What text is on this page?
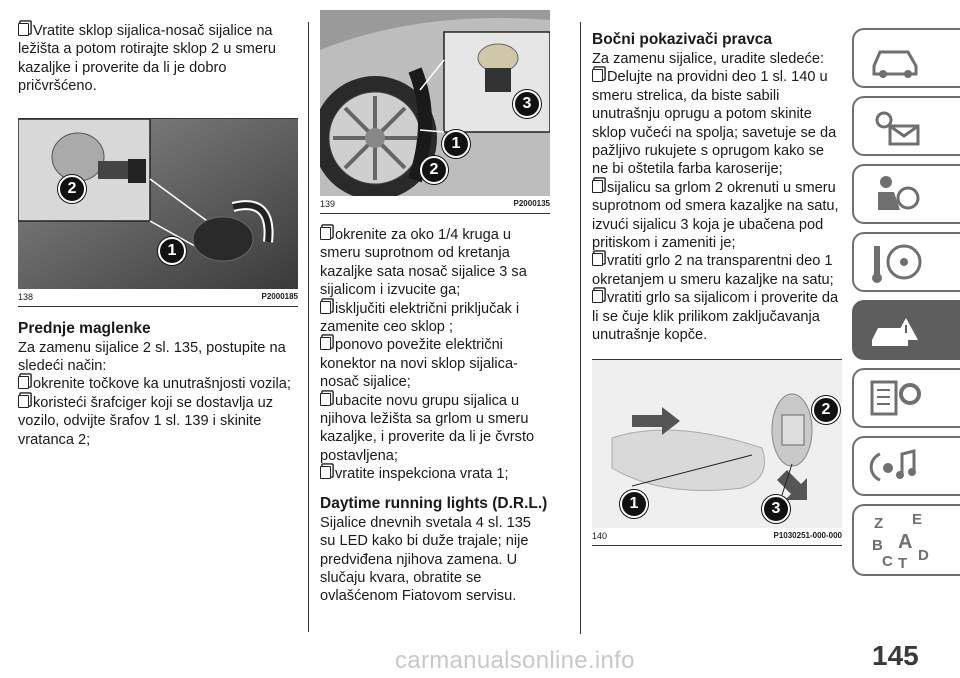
Vratite sklop sijalica-nosač sijalice na ležišta a potom rotirajte sklop 2 u smeru kazaljke i proverite da li je dobro pričvršćeno.

2
1
138	P2000185
Prednje maglenke

Za zamenu sijalice 2 sl. 135, postupite na sledeći način:

okrenite točkove ka unutrašnjosti vozila;

koristeći šrafciger koji se dostavlja uz vozilo, odvijte šrafov 1 sl. 139 i skinite vratanca 2;

3
1
2
139	P2000135

okrenite za oko 1/4 kruga u smeru suprotnom od kretanja kazaljke sata nosač sijalice 3 sa sijalicom i izvucite ga;

isključiti električni priključak i zamenite ceo sklop ;

ponovo povežite električni konektor na novi sklop sijalica-nosač sijalice;

ubacite novu grupu sijalica u njihova ležišta sa grlom u smeru kazaljke, i proverite da li je čvrsto postavljena;

vratite inspekciona vrata 1;

Daytime running lights (D.R.L.)

Sijalice dnevnih svetala 4 sl. 135 su LED kako bi duže trajale; nije predviđena njihova zamena. U slučaju kvara, obratite se ovlašćenom Fiatovom servisu.

Bočni pokazivači pravca

Za zamenu sijalice, uradite sledeće:

Delujte na providni deo 1 sl. 140 u smeru strelica, da biste sabili unutrašnju oprugu a potom skinite sklop vučeći na spolja; savetuje se da pažljivo rukujete s oprugom kako se ne bi oštetila farba karoserije;

sijalicu sa grlom 2 okrenuti u smeru suprotnom od smera kazaljke na satu, izvući sijalicu 3 koja je ubačena pod pritiskom i zameniti je;

vratiti grlo 2 na transparentni deo 1 okretanjem u smeru kazaljke na satu;

vratiti grlo sa sijalicom i proverite da li se čuje klik prilikom zaključavanja unutrašnje kopče.

2
1	3
140	P1030251-000-000
Z E
B A
C T D
145
carmanualsonline.info
